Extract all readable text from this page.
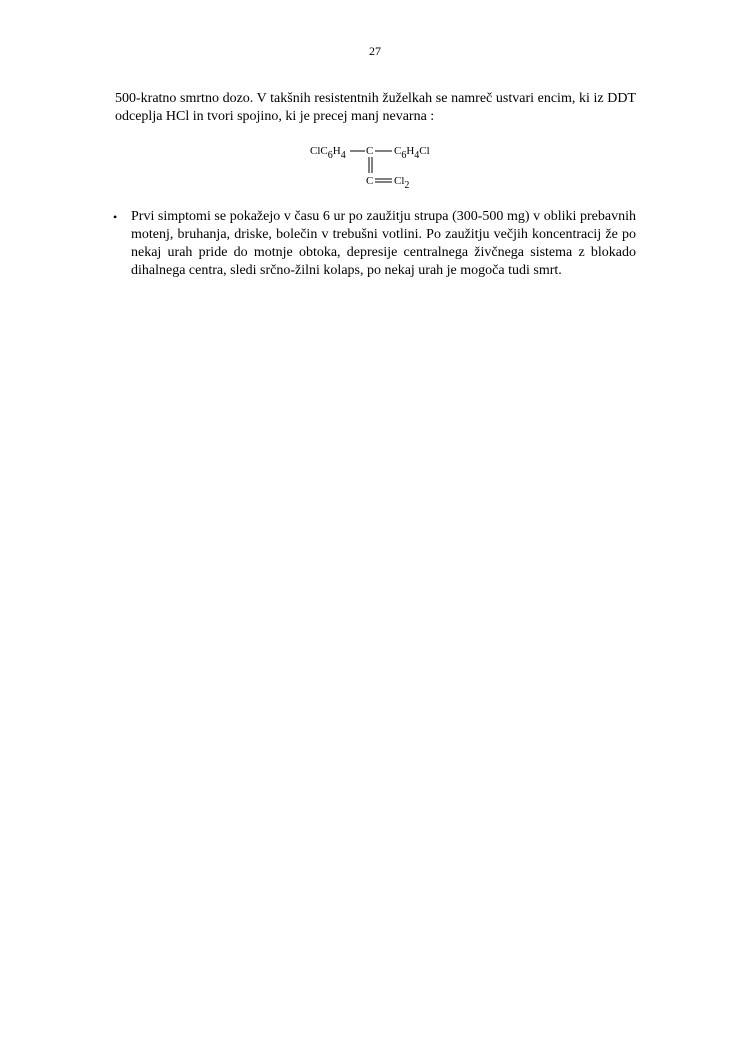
27

500-kratno smrtno dozo. V takšnih resistentnih žuželkah se namreč ustvari encim, ki iz DDT odceplja HCl in tvori spojino, ki je precej manj nevarna :

ClC6H4 C C6H4Cl
C Cl2
• Prvi simptomi se pokažejo v času 6 ur po zaužitju strupa (300-500 mg) v obliki prebavnih motenj, bruhanja, driske, bolečin v trebušni votlini. Po zaužitju večjih koncentracij že po nekaj urah pride do motnje obtoka, depresije centralnega živčnega sistema z blokado dihalnega centra, sledi srčno-žilni kolaps, po nekaj urah je mogoča tudi smrt.
